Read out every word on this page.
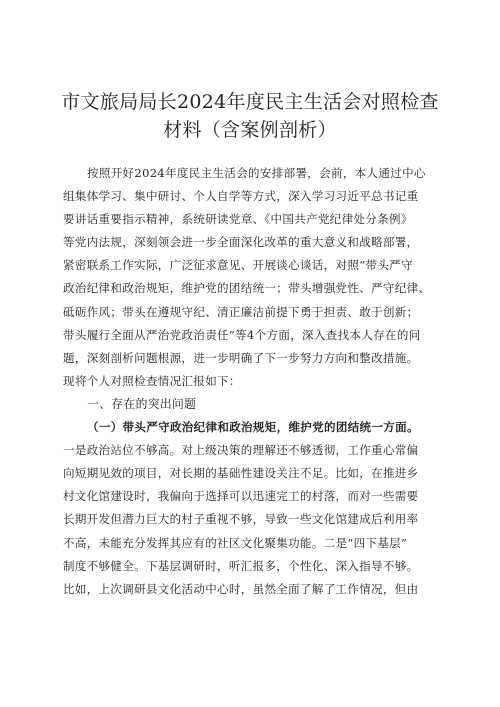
市文旅局局长2024年度民主生活会对照检查
材料（含案例剖析）
按照开好2024年度民主生活会的安排部署，会前，本人通过中心
组集体学习、集中研讨、个人自学等方式，深入学习习近平总书记重
要讲话重要指示精神，系统研读党章、《中国共产党纪律处分条例》
等党内法规，深刻领会进一步全面深化改革的重大意义和战略部署，
紧密联系工作实际，广泛征求意见、开展谈心谈话，对照“带头严守
政治纪律和政治规矩，维护党的团结统一；带头增强党性、严守纪律、
砥砺作风；带头在遵规守纪、清正廉洁前提下勇于担责、敢于创新；
带头履行全面从严治党政治责任”等4个方面，深入查找本人存在的问
题，深刻剖析问题根源，进一步明确了下一步努力方向和整改措施。
现将个人对照检查情况汇报如下：
一、存在的突出问题
（一）带头严守政治纪律和政治规矩，维护党的团结统一方面。
一是政治站位不够高。对上级决策的理解还不够透彻，工作重心常偏
向短期见效的项目，对长期的基础性建设关注不足。比如，在推进乡
村文化馆建设时，我偏向于选择可以迅速完工的村落，而对一些需要
长期开发但潜力巨大的村子重视不够，导致一些文化馆建成后利用率
不高，未能充分发挥其应有的社区文化聚集功能。二是“四下基层”
制度不够健全。下基层调研时，听汇报多，个性化、深入指导不够。
比如，上次调研县文化活动中心时，虽然全面了解了工作情况，但由
